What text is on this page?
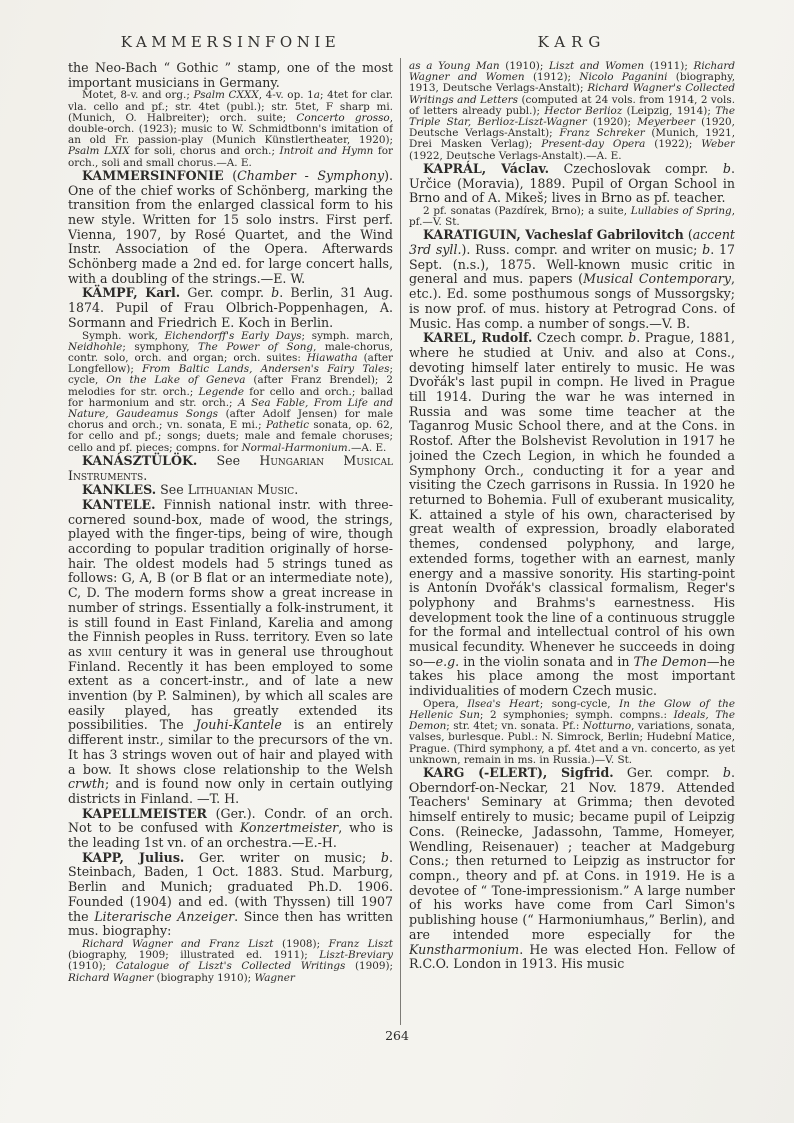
KAMMERSINFONIE	KARG

the Neo-Bach “ Gothic ” stamp, one of the most important musicians in Germany.

Motet, 8-v. and org.; Psalm CXXX, 4-v. op. 1a; 4tet for clar. vla. cello and pf.; str. 4tet (publ.); str. 5tet, F sharp mi. (Munich, O. Halbreiter); orch. suite; Concerto grosso, double-orch. (1923); music to W. Schmidtbonn's imitation of an old Fr. passion-play (Munich Künstlertheater, 1920); Psalm LXIX for soli, chorus and orch.; Introit and Hymn for orch., soli and small chorus.—A. E.

KAMMERSINFONIE (Chamber - Symphony). One of the chief works of Schönberg, marking the transition from the enlarged classical form to his new style. Written for 15 solo instrs. First perf. Vienna, 1907, by Rosé Quartet, and the Wind Instr. Association of the Opera. Afterwards Schönberg made a 2nd ed. for large concert halls, with a doubling of the strings.—E. W.

KÄMPF, Karl. Ger. compr. b. Berlin, 31 Aug. 1874. Pupil of Frau Olbrich-Poppenhagen, A. Sormann and Friedrich E. Koch in Berlin.

Symph. work, Eichendorff's Early Days; symph. march, Neidhohle; symphony, The Power of Song, male-chorus, contr. solo, orch. and organ; orch. suites: Hiawatha (after Longfellow); From Baltic Lands, Andersen's Fairy Tales; cycle, On the Lake of Geneva (after Franz Brendel); 2 melodies for str. orch.; Legende for cello and orch.; ballad for harmonium and str. orch.; A Sea Fable, From Life and Nature, Gaudeamus Songs (after Adolf Jensen) for male chorus and orch.; vn. sonata, E mi.; Pathetic sonata, op. 62, for cello and pf.; songs; duets; male and female choruses; cello and pf. pieces; compns. for Normal-Harmonium.—A. E.

KANÁSZTÜLÖK. See Hungarian Musical Instruments.

KANKLES. See Lithuanian Music.

KANTELE. Finnish national instr. with three-cornered sound-box, made of wood, the strings, played with the finger-tips, being of wire, though according to popular tradition originally of horse-hair. The oldest models had 5 strings tuned as follows: G, A, B (or B flat or an intermediate note), C, D. The modern forms show a great increase in number of strings. Essentially a folk-instrument, it is still found in East Finland, Karelia and among the Finnish peoples in Russ. territory. Even so late as xviii century it was in general use throughout Finland. Recently it has been employed to some extent as a concert-instr., and of late a new invention (by P. Salminen), by which all scales are easily played, has greatly extended its possibilities. The Jouhi-Kantele is an entirely different instr., similar to the precursors of the vn. It has 3 strings woven out of hair and played with a bow. It shows close relationship to the Welsh crwth; and is found now only in certain outlying districts in Finland. —T. H.

KAPELLMEISTER (Ger.). Condr. of an orch. Not to be confused with Konzertmeister, who is the leading 1st vn. of an orchestra.—E.-H.

KAPP, Julius. Ger. writer on music; b. Steinbach, Baden, 1 Oct. 1883. Stud. Marburg, Berlin and Munich; graduated Ph.D. 1906. Founded (1904) and ed. (with Thyssen) till 1907 the Literarische Anzeiger. Since then has written mus. biography:

Richard Wagner and Franz Liszt (1908); Franz Liszt (biography, 1909; illustrated ed. 1911); Liszt-Breviary (1910); Catalogue of Liszt's Collected Writings (1909); Richard Wagner (biography 1910); Wagner

as a Young Man (1910); Liszt and Women (1911); Richard Wagner and Women (1912); Nicolo Paganini (biography, 1913, Deutsche Verlags-Anstalt); Richard Wagner's Collected Writings and Letters (computed at 24 vols. from 1914, 2 vols. of letters already publ.); Hector Berlioz (Leipzig, 1914); The Triple Star, Berlioz-Liszt-Wagner (1920); Meyerbeer (1920, Deutsche Verlags-Anstalt); Franz Schreker (Munich, 1921, Drei Masken Verlag); Present-day Opera (1922); Weber (1922, Deutsche Verlags-Anstalt).—A. E.

KAPRÁL, Václav. Czechoslovak compr. b. Určice (Moravia), 1889. Pupil of Organ School in Brno and of A. Mikeš; lives in Brno as pf. teacher.

2 pf. sonatas (Pazdírek, Brno); a suite, Lullabies of Spring, pf.—V. St.

KARATIGUIN, Vacheslaf Gabrilovitch (accent 3rd syll.). Russ. compr. and writer on music; b. 17 Sept. (n.s.), 1875. Well-known music critic in general and mus. papers (Musical Contemporary, etc.). Ed. some posthumous songs of Mussorgsky; is now prof. of mus. history at Petrograd Cons. of Music. Has comp. a number of songs.—V. B.

KAREL, Rudolf. Czech compr. b. Prague, 1881, where he studied at Univ. and also at Cons., devoting himself later entirely to music. He was Dvořák's last pupil in compn. He lived in Prague till 1914. During the war he was interned in Russia and was some time teacher at the Taganrog Music School there, and at the Cons. in Rostof. After the Bolshevist Revolution in 1917 he joined the Czech Legion, in which he founded a Symphony Orch., conducting it for a year and visiting the Czech garrisons in Russia. In 1920 he returned to Bohemia. Full of exuberant musicality, K. attained a style of his own, characterised by great wealth of expression, broadly elaborated themes, condensed polyphony, and large, extended forms, together with an earnest, manly energy and a massive sonority. His starting-point is Antonín Dvořák's classical formalism, Reger's polyphony and Brahms's earnestness. His development took the line of a continuous struggle for the formal and intellectual control of his own musical fecundity. Whenever he succeeds in doing so—e.g. in the violin sonata and in The Demon—he takes his place among the most important individualities of modern Czech music.

Opera, Ilsea's Heart; song-cycle, In the Glow of the Hellenic Sun; 2 symphonies; symph. compns.: Ideals, The Demon; str. 4tet; vn. sonata. Pf.: Notturno, variations, sonata, valses, burlesque. Publ.: N. Simrock, Berlin; Hudební Matice, Prague. (Third symphony, a pf. 4tet and a vn. concerto, as yet unknown, remain in ms. in Russia.)—V. St.

KARG (-ELERT), Sigfrid. Ger. compr. b. Oberndorf-on-Neckar, 21 Nov. 1879. Attended Teachers' Seminary at Grimma; then devoted himself entirely to music; became pupil of Leipzig Cons. (Reinecke, Jadassohn, Tamme, Homeyer, Wendling, Reisenauer) ; teacher at Madgeburg Cons.; then returned to Leipzig as instructor for compn., theory and pf. at Cons. in 1919. He is a devotee of “ Tone-impressionism.” A large number of his works have come from Carl Simon's publishing house (“ Harmoniumhaus,” Berlin), and are intended more especially for the Kunstharmonium. He was elected Hon. Fellow of R.C.O. London in 1913. His music

264
